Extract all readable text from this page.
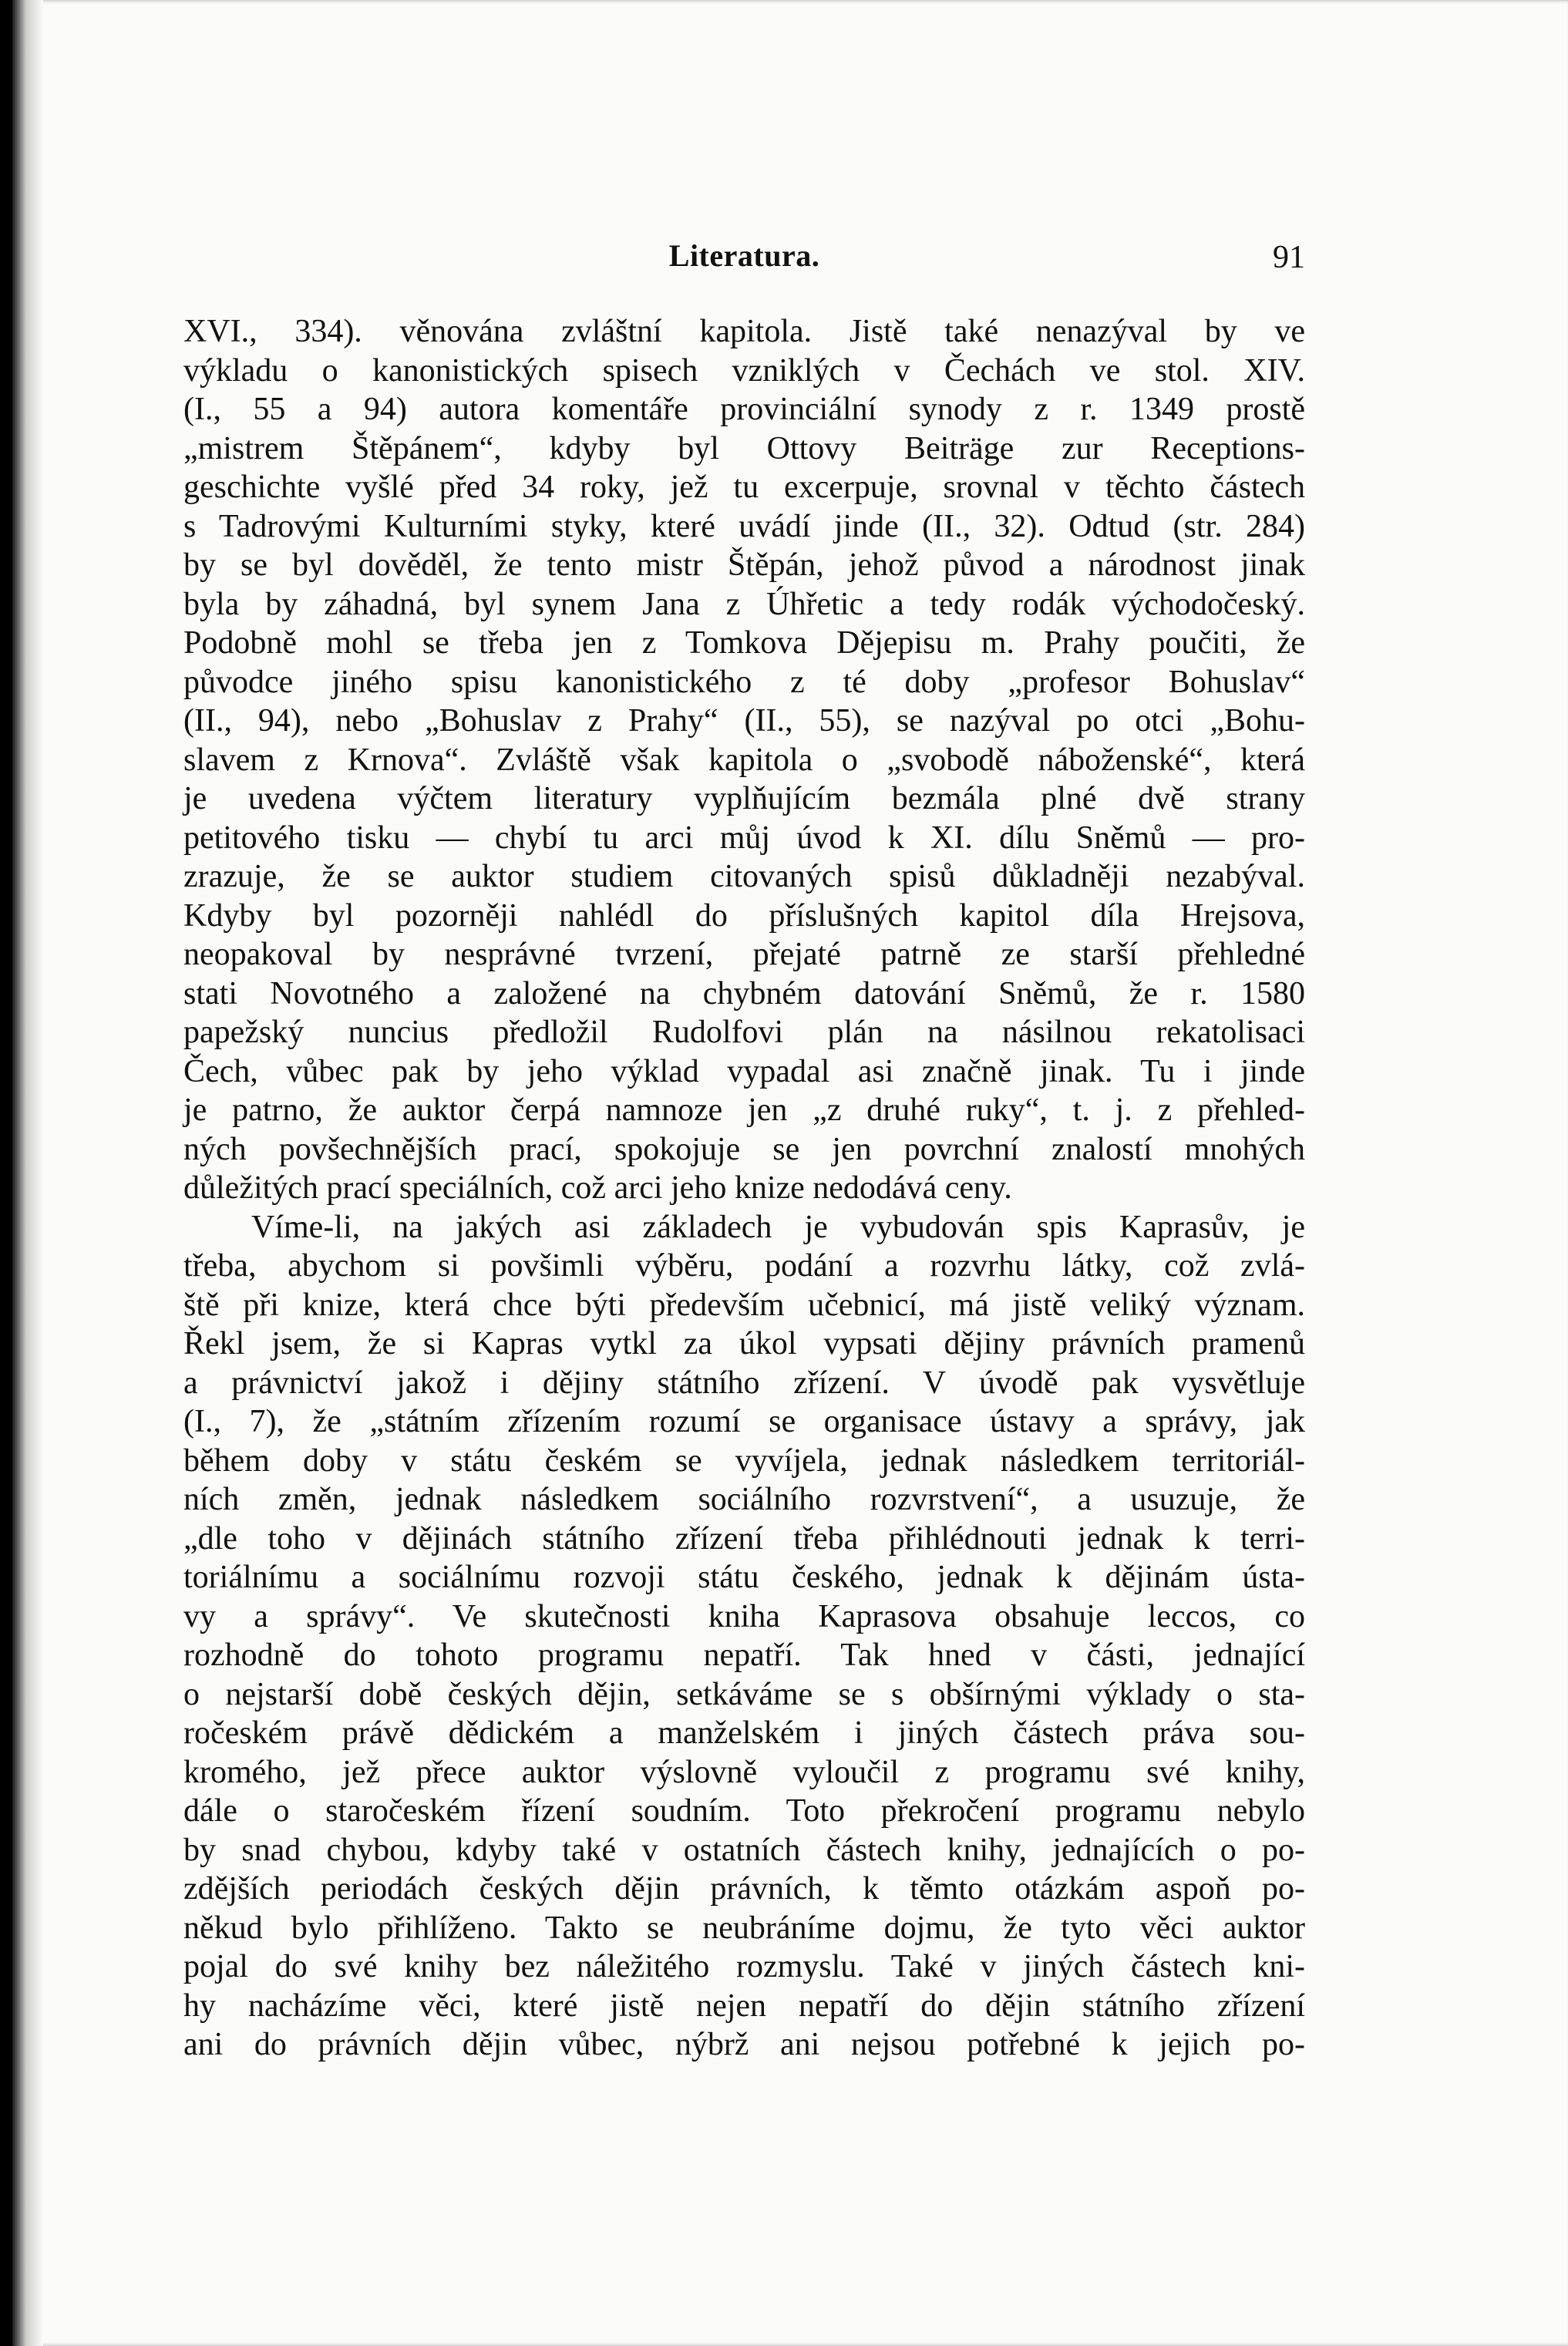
Literatura.	91
XVI., 334). věnována zvláštní kapitola. Jistě také nenazýval by ve
výkladu o kanonistických spisech vzniklých v Čechách ve stol. XIV.
(I., 55 a 94) autora komentáře provinciální synody z r. 1349 prostě
„mistrem Štěpánem“, kdyby byl Ottovy Beiträge zur Receptions-
geschichte vyšlé před 34 roky, jež tu excerpuje, srovnal v těchto částech
s Tadrovými Kulturními styky, které uvádí jinde (II., 32). Odtud (str. 284)
by se byl dověděl, že tento mistr Štěpán, jehož původ a národnost jinak
byla by záhadná, byl synem Jana z Úhřetic a tedy rodák východočeský.
Podobně mohl se třeba jen z Tomkova Dějepisu m. Prahy poučiti, že
původce jiného spisu kanonistického z té doby „profesor Bohuslav“
(II., 94), nebo „Bohuslav z Prahy“ (II., 55), se nazýval po otci „Bohu-
slavem z Krnova“. Zvláště však kapitola o „svobodě náboženské“, která
je uvedena výčtem literatury vyplňujícím bezmála plné dvě strany
petitového tisku — chybí tu arci můj úvod k XI. dílu Sněmů — pro-
zrazuje, že se auktor studiem citovaných spisů důkladněji nezabýval.
Kdyby byl pozorněji nahlédl do příslušných kapitol díla Hrejsova,
neopakoval by nesprávné tvrzení, přejaté patrně ze starší přehledné
stati Novotného a založené na chybném datování Sněmů, že r. 1580
papežský nuncius předložil Rudolfovi plán na násilnou rekatolisaci
Čech, vůbec pak by jeho výklad vypadal asi značně jinak. Tu i jinde
je patrno, že auktor čerpá namnoze jen „z druhé ruky“, t. j. z přehled-
ných povšechnějších prací, spokojuje se jen povrchní znalostí mnohých
důležitých prací speciálních, což arci jeho knize nedodává ceny.
Víme-li, na jakých asi základech je vybudován spis Kaprasův, je
třeba, abychom si povšimli výběru, podání a rozvrhu látky, což zvlá-
ště při knize, která chce býti především učebnicí, má jistě veliký význam.
Řekl jsem, že si Kapras vytkl za úkol vypsati dějiny právních pramenů
a právnictví jakož i dějiny státního zřízení. V úvodě pak vysvětluje
(I., 7), že „státním zřízením rozumí se organisace ústavy a správy, jak
během doby v státu českém se vyvíjela, jednak následkem territoriál-
ních změn, jednak následkem sociálního rozvrstvení“, a usuzuje, že
„dle toho v dějinách státního zřízení třeba přihlédnouti jednak k terri-
toriálnímu a sociálnímu rozvoji státu českého, jednak k dějinám ústa-
vy a správy“. Ve skutečnosti kniha Kaprasova obsahuje leccos, co
rozhodně do tohoto programu nepatří. Tak hned v části, jednající
o nejstarší době českých dějin, setkáváme se s obšírnými výklady o sta-
ročeském právě dědickém a manželském i jiných částech práva sou-
kromého, jež přece auktor výslovně vyloučil z programu své knihy,
dále o staročeském řízení soudním. Toto překročení programu nebylo
by snad chybou, kdyby také v ostatních částech knihy, jednajících o po-
zdějších periodách českých dějin právních, k těmto otázkám aspoň po-
někud bylo přihlíženo. Takto se neubráníme dojmu, že tyto věci auktor
pojal do své knihy bez náležitého rozmyslu. Také v jiných částech kni-
hy nacházíme věci, které jistě nejen nepatří do dějin státního zřízení
ani do právních dějin vůbec, nýbrž ani nejsou potřebné k jejich po-
